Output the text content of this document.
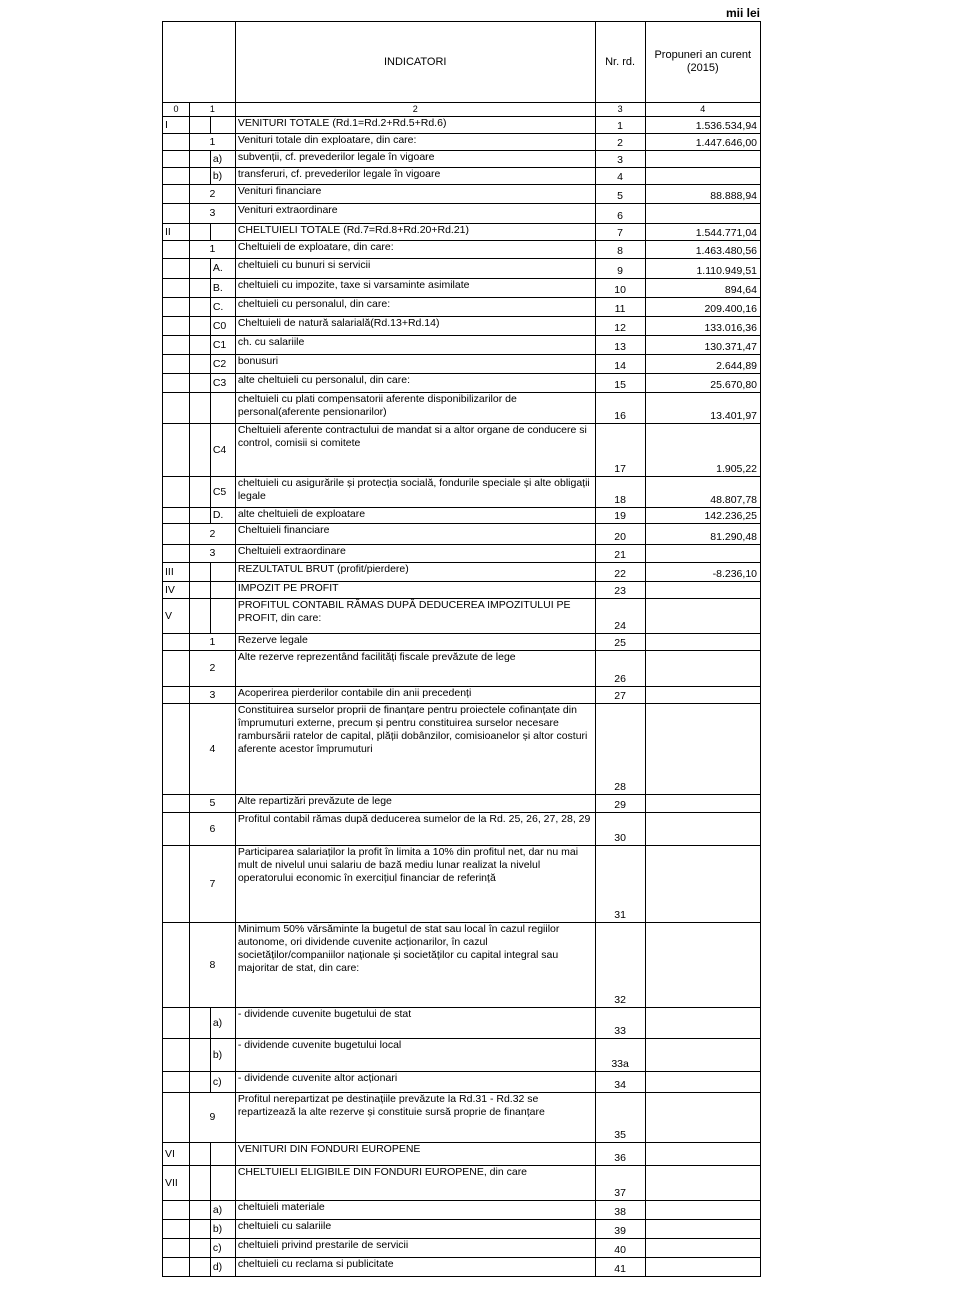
mii lei
			INDICATORI	Nr. rd.	Propuneri an curent (2015)
0	1		2	3	4
I			VENITURI TOTALE (Rd.1=Rd.2+Rd.5+Rd.6)	1	1.536.534,94
	1		Venituri totale din exploatare, din care:	2	1.447.646,00
		a)	subvenții, cf. prevederilor legale în vigoare	3	
		b)	transferuri, cf. prevederilor legale în vigoare	4	
	2		Venituri financiare	5	88.888,94
	3		Venituri extraordinare	6	
II			CHELTUIELI TOTALE (Rd.7=Rd.8+Rd.20+Rd.21)	7	1.544.771,04
	1		Cheltuieli de exploatare, din care:	8	1.463.480,56
		A.	cheltuieli cu bunuri si servicii	9	1.110.949,51
		B.	cheltuieli cu impozite, taxe si varsaminte asimilate	10	894,64
		C.	cheltuieli cu personalul, din care:	11	209.400,16
		C0	Cheltuieli de natură salarială(Rd.13+Rd.14)	12	133.016,36
		C1	ch. cu salariile	13	130.371,47
		C2	bonusuri	14	2.644,89
		C3	alte cheltuieli cu personalul, din care:	15	25.670,80
			cheltuieli cu plati compensatorii aferente disponibilizarilor de personal(aferente pensionarilor)	16	13.401,97
		C4	Cheltuieli aferente contractului de mandat si a altor organe de conducere si control, comisii si comitete	17	1.905,22
		C5	cheltuieli cu asigurările și protecția socială, fondurile speciale și alte obligații legale	18	48.807,78
		D.	alte cheltuieli de exploatare	19	142.236,25
	2		Cheltuieli financiare	20	81.290,48
	3		Cheltuieli extraordinare	21	
III			REZULTATUL BRUT (profit/pierdere)	22	-8.236,10
IV			IMPOZIT PE PROFIT	23	
V			PROFITUL CONTABIL RĂMAS DUPĂ DEDUCEREA IMPOZITULUI PE PROFIT, din care:	24	
	1		Rezerve legale	25	
	2		Alte rezerve reprezentând facilități fiscale prevăzute de lege	26	
	3		Acoperirea pierderilor contabile din anii precedenți	27	
	4		Constituirea surselor proprii de finanțare pentru proiectele cofinanțate din împrumuturi externe, precum și pentru constituirea surselor necesare rambursării ratelor de capital, plății dobânzilor, comisioanelor și altor costuri aferente acestor împrumuturi	28	
	5		Alte repartizări prevăzute de lege	29	
	6		Profitul contabil rămas după deducerea sumelor de la Rd. 25, 26, 27, 28, 29	30	
	7		Participarea salariaților la profit în limita a 10% din profitul net, dar nu mai mult de nivelul unui salariu de bază mediu lunar realizat la nivelul operatorului economic în exercițiul financiar de referință	31	
	8		Minimum 50% vărsăminte la bugetul de stat sau local în cazul regiilor autonome, ori dividende cuvenite acționarilor, în cazul societăților/companiilor naționale și societăților cu capital integral sau majoritar de stat, din care:	32	
		a)	- dividende cuvenite bugetului de stat	33	
		b)	- dividende cuvenite bugetului local	33a	
		c)	- dividende cuvenite altor acționari	34	
	9		Profitul nerepartizat pe destinațiile prevăzute la Rd.31 - Rd.32 se repartizează la alte rezerve și constituie sursă proprie de finanțare	35	
VI			VENITURI DIN FONDURI EUROPENE	36	
VII			CHELTUIELI ELIGIBILE DIN FONDURI EUROPENE, din care	37	
		a)	cheltuieli materiale	38	
		b)	cheltuieli cu salariile	39	
		c)	cheltuieli privind prestarile de servicii	40	
		d)	cheltuieli cu reclama si publicitate	41	
